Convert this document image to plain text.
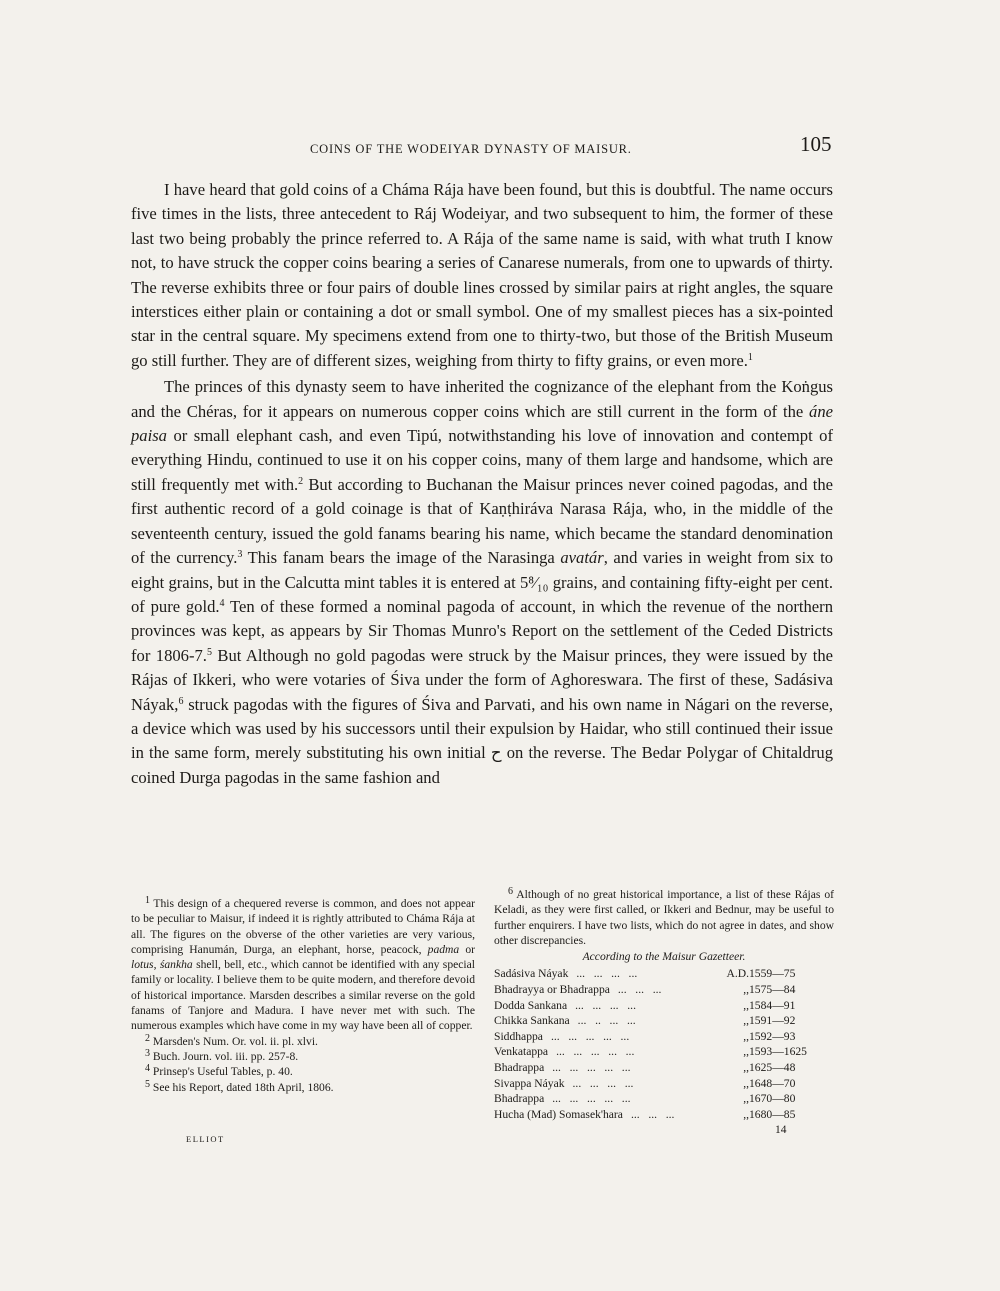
COINS OF THE WODEIYAR DYNASTY OF MAISUR.	105

I have heard that gold coins of a Cháma Rája have been found, but this is doubtful. The name occurs five times in the lists, three antecedent to Ráj Wodeiyar, and two subsequent to him, the former of these last two being probably the prince referred to. A Rája of the same name is said, with what truth I know not, to have struck the copper coins bearing a series of Canarese numerals, from one to upwards of thirty. The reverse exhibits three or four pairs of double lines crossed by similar pairs at right angles, the square interstices either plain or containing a dot or small symbol. One of my smallest pieces has a six-pointed star in the central square. My specimens extend from one to thirty-two, but those of the British Museum go still further. They are of different sizes, weighing from thirty to fifty grains, or even more.$^1$

The princes of this dynasty seem to have inherited the cognizance of the elephant from the Koṅgus and the Chéras, for it appears on numerous copper coins which are still current in the form of the áne paisa or small elephant cash, and even Tipú, notwithstanding his love of innovation and contempt of everything Hindu, continued to use it on his copper coins, many of them large and handsome, which are still frequently met with.$^2$ But according to Buchanan the Maisur princes never coined pagodas, and the first authentic record of a gold coinage is that of Kaṇṭhiráva Narasa Rája, who, in the middle of the seventeenth century, issued the gold fanams bearing his name, which became the standard denomination of the currency.$^3$ This fanam bears the image of the Narasinga avatár, and varies in weight from six to eight grains, but in the Calcutta mint tables it is entered at 5⁸⁄₁₀ grains, and containing fifty-eight per cent. of pure gold.$^4$ Ten of these formed a nominal pagoda of account, in which the revenue of the northern provinces was kept, as appears by Sir Thomas Munro's Report on the settlement of the Ceded Districts for 1806-7.$^5$ But Although no gold pagodas were struck by the Maisur princes, they were issued by the Rájas of Ikkeri, who were votaries of Śiva under the form of Aghoreswara. The first of these, Sadásiva Náyak,$^6$ struck pagodas with the figures of Śiva and Parvati, and his own name in Nágari on the reverse, a device which was used by his successors until their expulsion by Haidar, who still continued their issue in the same form, merely substituting his own initial ح on the reverse. The Bedar Polygar of Chitaldrug coined Durga pagodas in the same fashion and

1 This design of a chequered reverse is common, and does not appear to be peculiar to Maisur, if indeed it is rightly attributed to Cháma Rája at all. The figures on the obverse of the other varieties are very various, comprising Hanumán, Durga, an elephant, horse, peacock, padma or lotus, śankha shell, bell, etc., which cannot be identified with any special family or locality. I believe them to be quite modern, and therefore devoid of historical importance. Marsden describes a similar reverse on the gold fanams of Tanjore and Madura. I have never met with such. The numerous examples which have come in my way have been all of copper.

2 Marsden's Num. Or. vol. ii. pl. xlvi.

3 Buch. Journ. vol. iii. pp. 257-8.

4 Prinsep's Useful Tables, p. 40.

5 See his Report, dated 18th April, 1806.

6 Although of no great historical importance, a list of these Rájas of Keladi, as they were first called, or Ikkeri and Bednur, may be useful to further enquirers. I have two lists, which do not agree in dates, and show other discrepancies.

According to the Maisur Gazetteer.
Sadásiva Náyak ...   ...   ...   ...	A.D.	1559—75
Bhadrayya or Bhadrappa ...   ...   ...	,,	1575—84
Dodda Sankana ...   ...   ...   ...	,,	1584—91
Chikka Sankana ...   ..   ...   ...	,,	1591—92
Siddhappa ...   ...   ...   ...   ...	,,	1592—93
Venkatappa ...   ...   ...   ...   ...	,,	1593—1625
Bhadrappa ...   ...   ...   ...   ...	,,	1625—48
Sivappa Náyak ...   ...   ...   ...	,,	1648—70
Bhadrappa ...   ...   ...   ...   ...	,,	1670—80
Hucha (Mad) Somasek'hara ...   ...   ...	,,	1680—85
ELLIOT
14
